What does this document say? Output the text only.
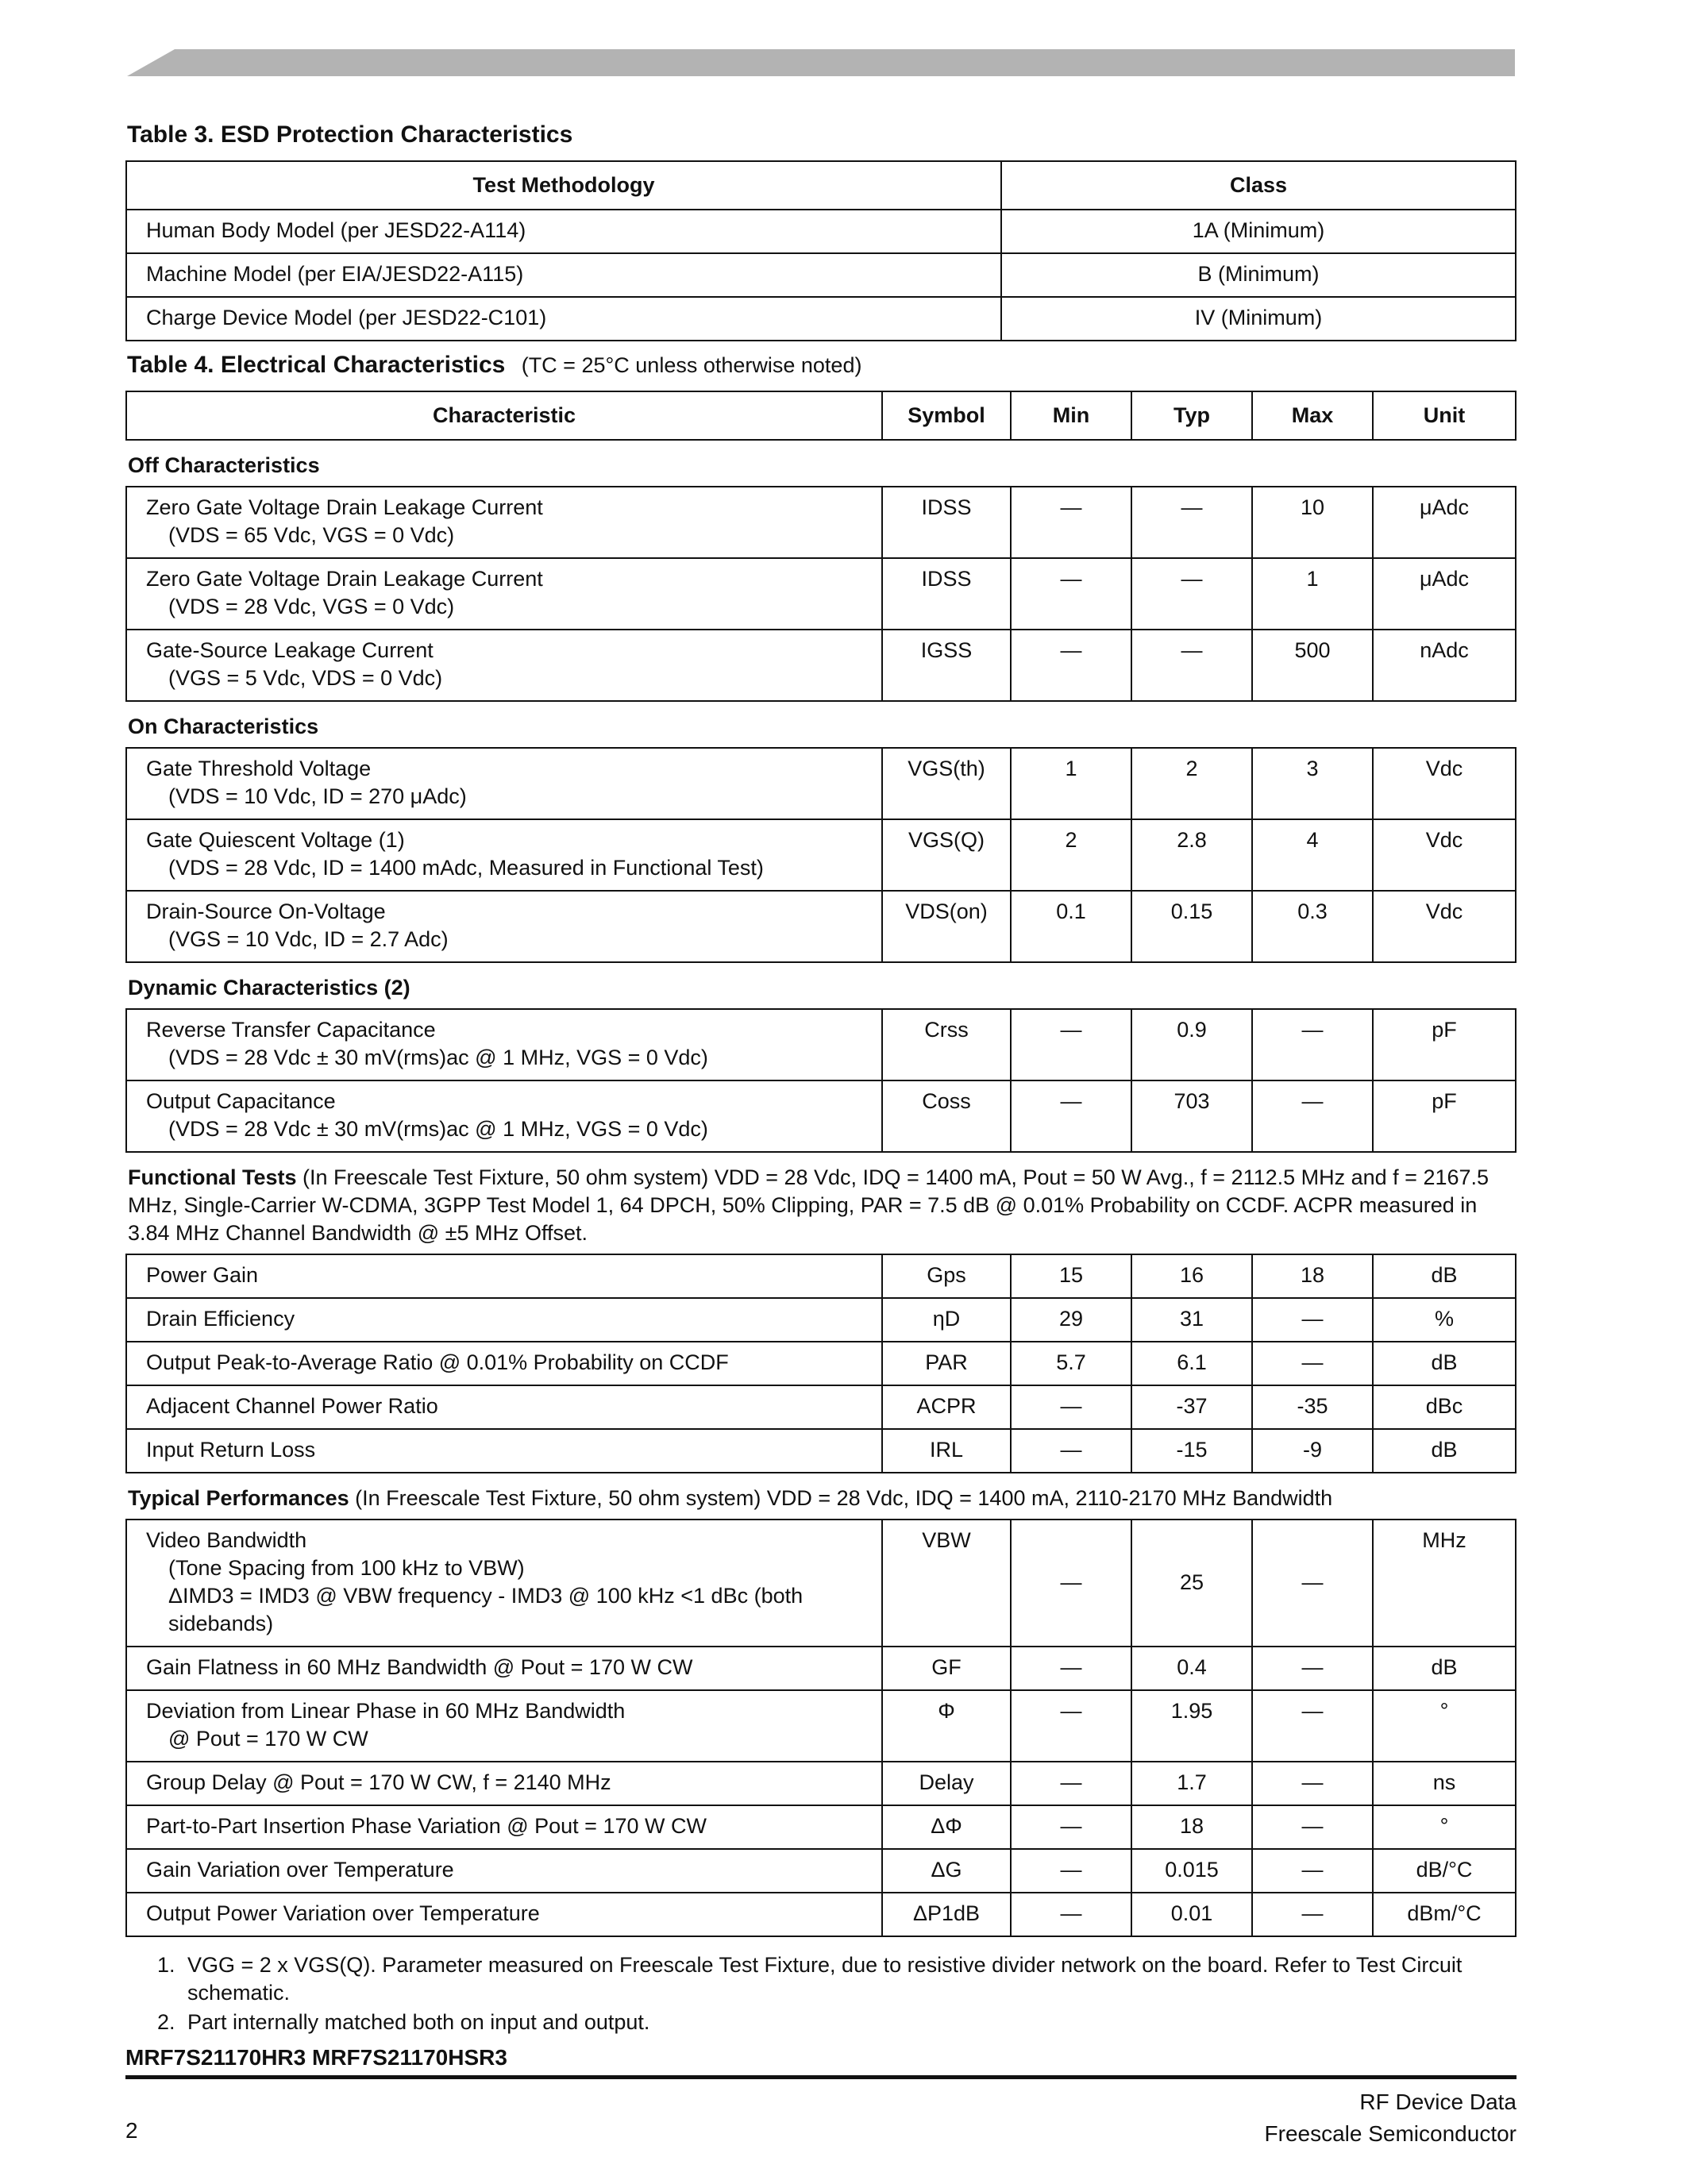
Table 3. ESD Protection Characteristics
Test Methodology	Class
Human Body Model (per JESD22-A114)	1A (Minimum)
Machine Model (per EIA/JESD22-A115)	B (Minimum)
Charge Device Model (per JESD22-C101)	IV (Minimum)
Table 4. Electrical Characteristics (TC = 25°C unless otherwise noted)
Characteristic	Symbol	Min	Typ	Max	Unit
Off Characteristics					
Zero Gate Voltage Drain Leakage Current
(VDS = 65 Vdc, VGS = 0 Vdc)	IDSS	—	—	10	μAdc
Zero Gate Voltage Drain Leakage Current
(VDS = 28 Vdc, VGS = 0 Vdc)	IDSS	—	—	1	μAdc
Gate-Source Leakage Current
(VGS = 5 Vdc, VDS = 0 Vdc)	IGSS	—	—	500	nAdc
On Characteristics					
Gate Threshold Voltage
(VDS = 10 Vdc, ID = 270 μAdc)	VGS(th)	1	2	3	Vdc
Gate Quiescent Voltage (1)
(VDS = 28 Vdc, ID = 1400 mAdc, Measured in Functional Test)	VGS(Q)	2	2.8	4	Vdc
Drain-Source On-Voltage
(VGS = 10 Vdc, ID = 2.7 Adc)	VDS(on)	0.1	0.15	0.3	Vdc
Dynamic Characteristics (2)					
Reverse Transfer Capacitance
(VDS = 28 Vdc ± 30 mV(rms)ac @ 1 MHz, VGS = 0 Vdc)	Crss	—	0.9	—	pF
Output Capacitance
(VDS = 28 Vdc ± 30 mV(rms)ac @ 1 MHz, VGS = 0 Vdc)	Coss	—	703	—	pF
Functional Tests (In Freescale Test Fixture, 50 ohm system) VDD = 28 Vdc, IDQ = 1400 mA, Pout = 50 W Avg., f = 2112.5 MHz and f = 2167.5 MHz, Single-Carrier W-CDMA, 3GPP Test Model 1, 64 DPCH, 50% Clipping, PAR = 7.5 dB @ 0.01% Probability on CCDF. ACPR measured in 3.84 MHz Channel Bandwidth @ ±5 MHz Offset.					
Power Gain	Gps	15	16	18	dB
Drain Efficiency	ηD	29	31	—	%
Output Peak-to-Average Ratio @ 0.01% Probability on CCDF	PAR	5.7	6.1	—	dB
Adjacent Channel Power Ratio	ACPR	—	-37	-35	dBc
Input Return Loss	IRL	—	-15	-9	dB
Typical Performances (In Freescale Test Fixture, 50 ohm system) VDD = 28 Vdc, IDQ = 1400 mA, 2110-2170 MHz Bandwidth					
Video Bandwidth
(Tone Spacing from 100 kHz to VBW)
ΔIMD3 = IMD3 @ VBW frequency - IMD3 @ 100 kHz <1 dBc (both sidebands)	VBW	—	25	—	MHz
Gain Flatness in 60 MHz Bandwidth @ Pout = 170 W CW	GF	—	0.4	—	dB
Deviation from Linear Phase in 60 MHz Bandwidth
@ Pout = 170 W CW	Φ	—	1.95	—	°
Group Delay @ Pout = 170 W CW, f = 2140 MHz	Delay	—	1.7	—	ns
Part-to-Part Insertion Phase Variation @ Pout = 170 W CW	ΔΦ	—	18	—	°
Gain Variation over Temperature	ΔG	—	0.015	—	dB/°C
Output Power Variation over Temperature	ΔP1dB	—	0.01	—	dBm/°C
1. VGG = 2 x VGS(Q). Parameter measured on Freescale Test Fixture, due to resistive divider network on the board. Refer to Test Circuit schematic.
2. Part internally matched both on input and output.
MRF7S21170HR3 MRF7S21170HSR3
RF Device Data
Freescale Semiconductor
2
